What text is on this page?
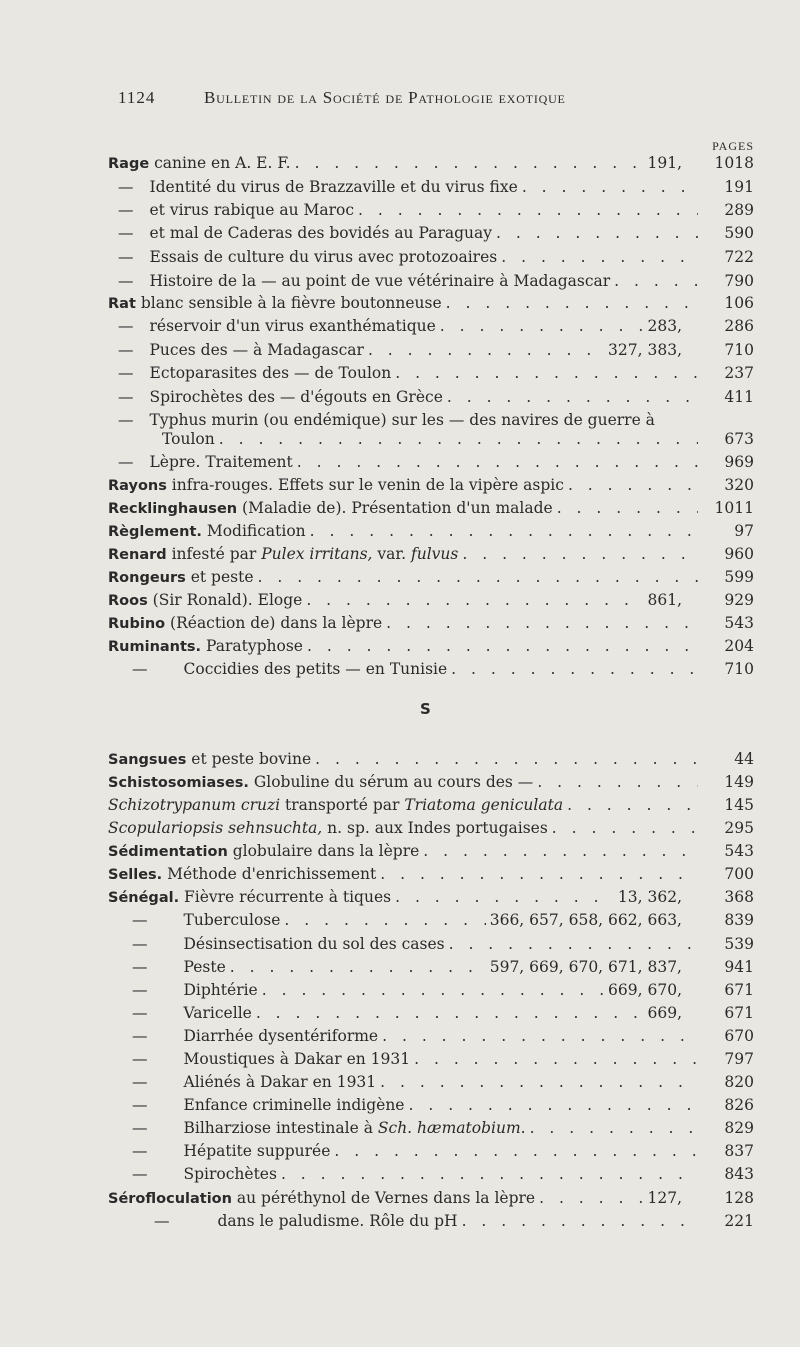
1124	Bulletin de la Société de Pathologie exotique
PAGES
S
Rage canine en A. E. F. . . .	191,	1018
— Identité du virus de Brazzaville et du virus fixe . . .	191
— et virus rabique au Maroc . . .	289
— et mal de Caderas des bovidés au Paraguay . . .	590
— Essais de culture du virus avec protozoaires . . .	722
— Histoire de la — au point de vue vétérinaire à Madagascar . . .	790
Rat blanc sensible à la fièvre boutonneuse . . .	106
— réservoir d'un virus exanthématique . . .	283,	286
— Puces des — à Madagascar . . .	327, 383,	710
— Ectoparasites des — de Toulon . . .	237
— Spirochètes des — d'égouts en Grèce . . .	411
— Typhus murin (ou endémique) sur les — des navires de guerre à
Toulon . . .	673
— Lèpre. Traitement . . .	969
Rayons infra-rouges. Effets sur le venin de la vipère aspic . . .	320
Recklinghausen (Maladie de). Présentation d'un malade . . .	1011
Règlement. Modification . . .	97
Renard infesté par Pulex irritans, var. fulvus . . .	960
Rongeurs et peste . . .	599
Roos (Sir Ronald). Eloge . . .	861,	929
Rubino (Réaction de) dans la lèpre . . .	543
Ruminants. Paratyphose . . .	204
— Coccidies des petits — en Tunisie . . .	710
Sangsues et peste bovine . . .	44
Schistosomiases. Globuline du sérum au cours des — . . .	149
Schizotrypanum cruzi transporté par Triatoma geniculata . . .	145
Scopulariopsis sehnsuchta, n. sp. aux Indes portugaises . . .	295
Sédimentation globulaire dans la lèpre . . .	543
Selles. Méthode d'enrichissement . . .	700
Sénégal. Fièvre récurrente à tiques . . .	13, 362,	368
— Tuberculose . . .	366, 657, 658, 662, 663,	839
— Désinsectisation du sol des cases . . .	539
— Peste . . .	597, 669, 670, 671, 837,	941
— Diphtérie . . .	669, 670,	671
— Varicelle . . .	669,	671
— Diarrhée dysentériforme . . .	670
— Moustiques à Dakar en 1931 . . .	797
— Aliénés à Dakar en 1931 . . .	820
— Enfance criminelle indigène . . .	826
— Bilharziose intestinale à Sch. hæmatobium. . . .	829
— Hépatite suppurée . . .	837
— Spirochètes . . .	843
Sérofloculation au péréthynol de Vernes dans la lèpre . . .	127,	128
—	dans le paludisme. Rôle du pH . . .	221
